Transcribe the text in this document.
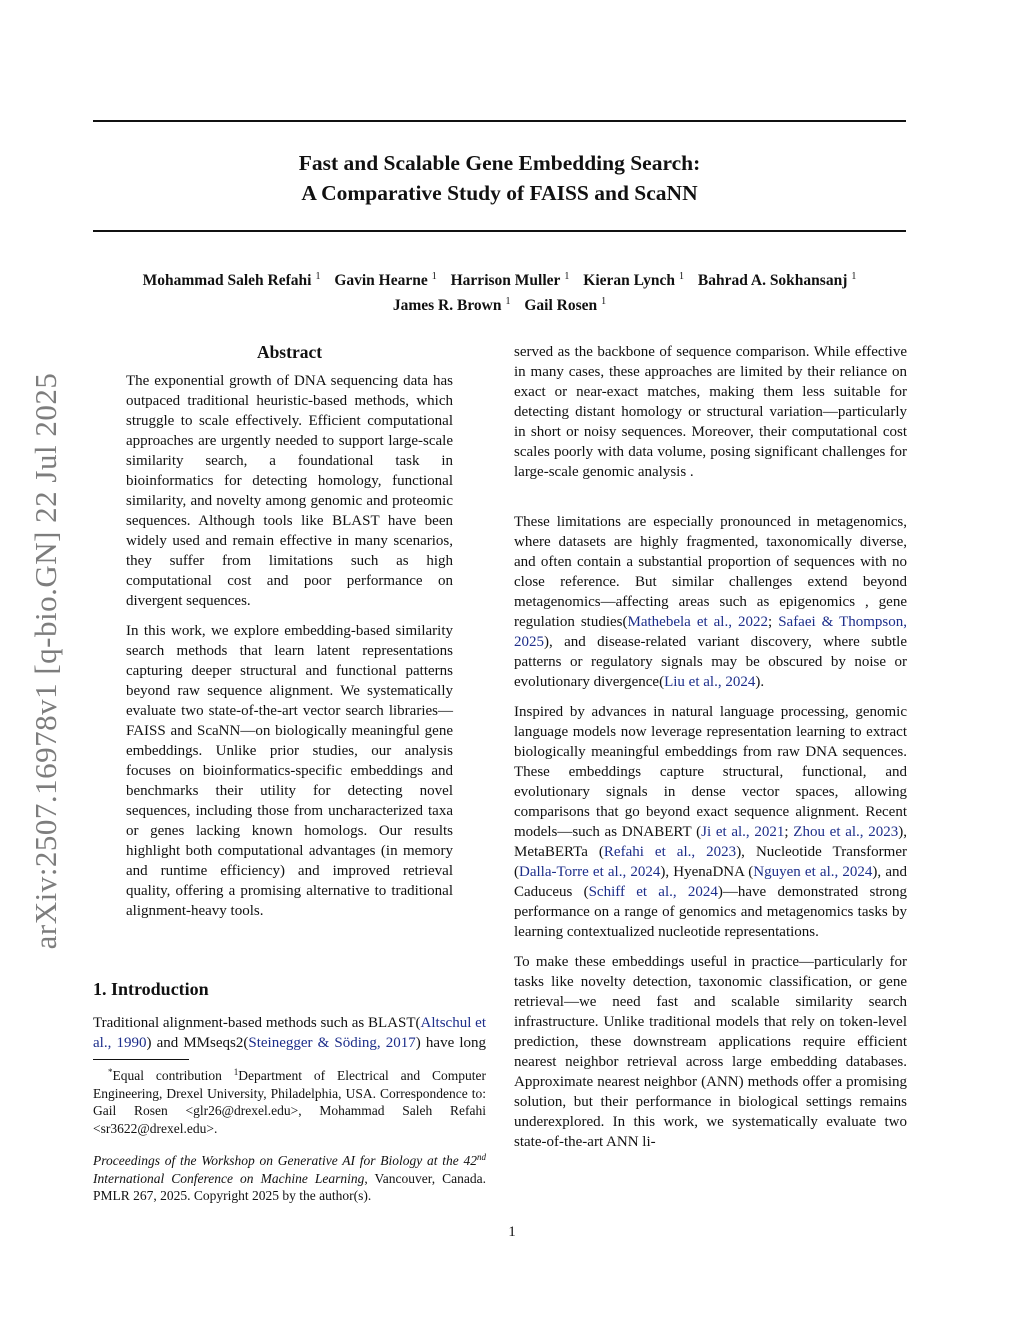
Fast and Scalable Gene Embedding Search:
A Comparative Study of FAISS and ScaNN
Mohammad Saleh Refahi $^1$ Gavin Hearne $^1$ Harrison Muller $^1$ Kieran Lynch $^1$ Bahrad A. Sokhansanj $^1$
James R. Brown $^1$ Gail Rosen $^1$
arXiv:2507.16978v1 [q-bio.GN] 22 Jul 2025
Abstract

The exponential growth of DNA sequencing data has outpaced traditional heuristic-based methods, which struggle to scale effectively. Efficient computational approaches are urgently needed to support large-scale similarity search, a foundational task in bioinformatics for detecting homology, functional similarity, and novelty among genomic and proteomic sequences. Although tools like BLAST have been widely used and remain effective in many scenarios, they suffer from limitations such as high computational cost and poor performance on divergent sequences.

In this work, we explore embedding-based similarity search methods that learn latent representations capturing deeper structural and functional patterns beyond raw sequence alignment. We systematically evaluate two state-of-the-art vector search libraries—FAISS and ScaNN—on biologically meaningful gene embeddings. Unlike prior studies, our analysis focuses on bioinformatics-specific embeddings and benchmarks their utility for detecting novel sequences, including those from uncharacterized taxa or genes lacking known homologs. Our results highlight both computational advantages (in memory and runtime efficiency) and improved retrieval quality, offering a promising alternative to traditional alignment-heavy tools.

1. Introduction

Traditional alignment-based methods such as BLAST(Altschul et al., 1990) and MMseqs2(Steinegger & Söding, 2017) have long

served as the backbone of sequence comparison. While effective in many cases, these approaches are limited by their reliance on exact or near-exact matches, making them less suitable for detecting distant homology or structural variation—particularly in short or noisy sequences. Moreover, their computational cost scales poorly with data volume, posing significant challenges for large-scale genomic analysis .

These limitations are especially pronounced in metagenomics, where datasets are highly fragmented, taxonomically diverse, and often contain a substantial proportion of sequences with no close reference. But similar challenges extend beyond metagenomics—affecting areas such as epigenomics , gene regulation studies(Mathebela et al., 2022; Safaei & Thompson, 2025), and disease-related variant discovery, where subtle patterns or regulatory signals may be obscured by noise or evolutionary divergence(Liu et al., 2024).

Inspired by advances in natural language processing, genomic language models now leverage representation learning to extract biologically meaningful embeddings from raw DNA sequences. These embeddings capture structural, functional, and evolutionary signals in dense vector spaces, allowing comparisons that go beyond exact sequence alignment. Recent models—such as DNABERT (Ji et al., 2021; Zhou et al., 2023), MetaBERTa (Refahi et al., 2023), Nucleotide Transformer (Dalla-Torre et al., 2024), HyenaDNA (Nguyen et al., 2024), and Caduceus (Schiff et al., 2024)—have demonstrated strong performance on a range of genomics and metagenomics tasks by learning contextualized nucleotide representations.

To make these embeddings useful in practice—particularly for tasks like novelty detection, taxonomic classification, or gene retrieval—we need fast and scalable similarity search infrastructure. Unlike traditional models that rely on token-level prediction, these downstream applications require efficient nearest neighbor retrieval across large embedding databases. Approximate nearest neighbor (ANN) methods offer a promising solution, but their performance in biological settings remains underexplored. In this work, we systematically evaluate two state-of-the-art ANN li-

*Equal contribution $^1$Department of Electrical and Computer Engineering, Drexel University, Philadelphia, USA. Correspondence to: Gail Rosen <glr26@drexel.edu>, Mohammad Saleh Refahi <sr3622@drexel.edu>.
Proceedings of the Workshop on Generative AI for Biology at the 42nd International Conference on Machine Learning, Vancouver, Canada. PMLR 267, 2025. Copyright 2025 by the author(s).
1
